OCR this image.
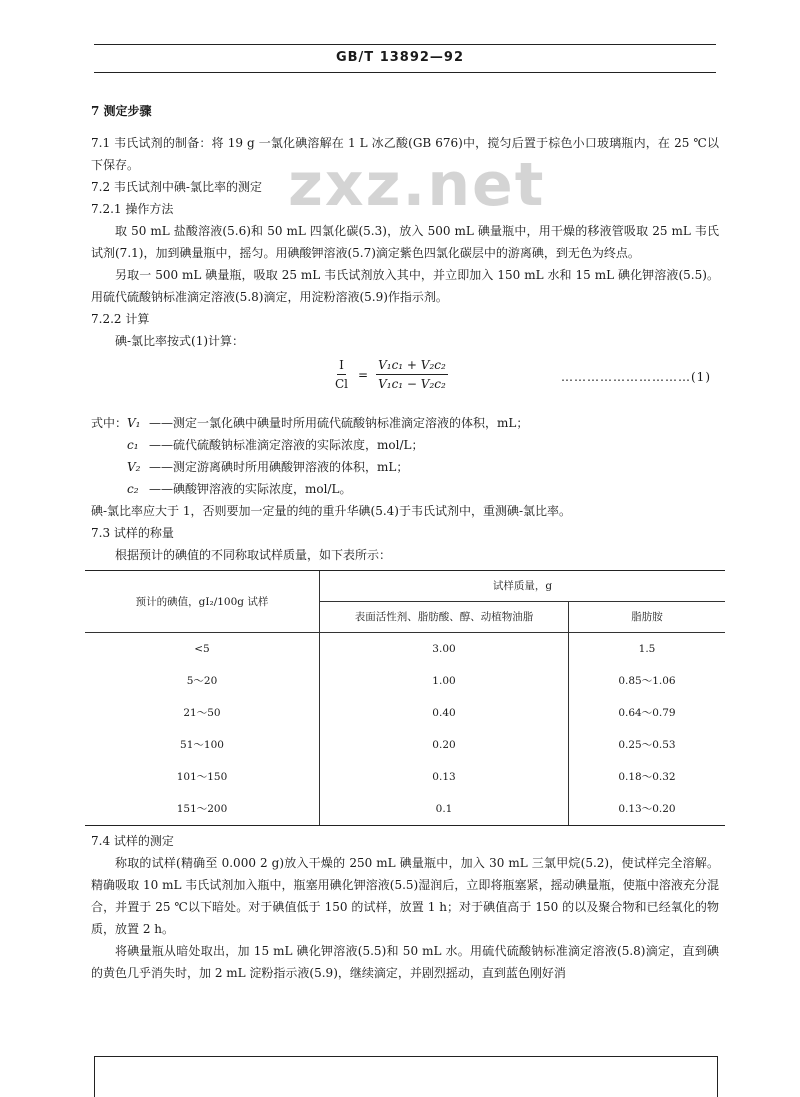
GB/T 13892—92
zxz.net

7 测定步骤

7.1 韦氏试剂的制备：将 19 g 一氯化碘溶解在 1 L 冰乙酸(GB 676)中，搅匀后置于棕色小口玻璃瓶内，在 25 ℃以下保存。

7.2 韦氏试剂中碘-氯比率的测定

7.2.1 操作方法

取 50 mL 盐酸溶液(5.6)和 50 mL 四氯化碳(5.3)，放入 500 mL 碘量瓶中，用干燥的移液管吸取 25 mL 韦氏试剂(7.1)，加到碘量瓶中，摇匀。用碘酸钾溶液(5.7)滴定紫色四氯化碳层中的游离碘，到无色为终点。

另取一 500 mL 碘量瓶，吸取 25 mL 韦氏试剂放入其中，并立即加入 150 mL 水和 15 mL 碘化钾溶液(5.5)。用硫代硫酸钠标准滴定溶液(5.8)滴定，用淀粉溶液(5.9)作指示剂。

7.2.2 计算

碘-氯比率按式(1)计算：

$\frac{I}{Cl} = \frac{\text{V₁c₁ + V₂c₂}}{\text{V₁c₁ − V₂c₂}}$	…………………………(1)
式中： V₁ ——测定一氯化碘中碘量时所用硫代硫酸钠标准滴定溶液的体积，mL；
c₁ ——硫代硫酸钠标准滴定溶液的实际浓度，mol/L；
V₂ ——测定游离碘时所用碘酸钾溶液的体积，mL；
c₂ ——碘酸钾溶液的实际浓度，mol/L。

碘-氯比率应大于 1，否则要加一定量的纯的重升华碘(5.4)于韦氏试剂中，重测碘-氯比率。

7.3 试样的称量

根据预计的碘值的不同称取试样质量，如下表所示：

预计的碘值，gI₂/100g 试样	试样质量，g	
	表面活性剂、脂肪酸、醇、动植物油脂	脂肪胺
<5	3.00	1.5
5～20	1.00	0.85～1.06
21～50	0.40	0.64～0.79
51～100	0.20	0.25～0.53
101～150	0.13	0.18～0.32
151～200	0.1	0.13～0.20

7.4 试样的测定

称取的试样(精确至 0.000 2 g)放入干燥的 250 mL 碘量瓶中，加入 30 mL 三氯甲烷(5.2)，使试样完全溶解。精确吸取 10 mL 韦氏试剂加入瓶中，瓶塞用碘化钾溶液(5.5)湿润后，立即将瓶塞紧，摇动碘量瓶，使瓶中溶液充分混合，并置于 25 ℃以下暗处。对于碘值低于 150 的试样，放置 1 h；对于碘值高于 150 的以及聚合物和已经氧化的物质，放置 2 h。

将碘量瓶从暗处取出，加 15 mL 碘化钾溶液(5.5)和 50 mL 水。用硫代硫酸钠标准滴定溶液(5.8)滴定，直到碘的黄色几乎消失时，加 2 mL 淀粉指示液(5.9)，继续滴定，并剧烈摇动，直到蓝色刚好消
